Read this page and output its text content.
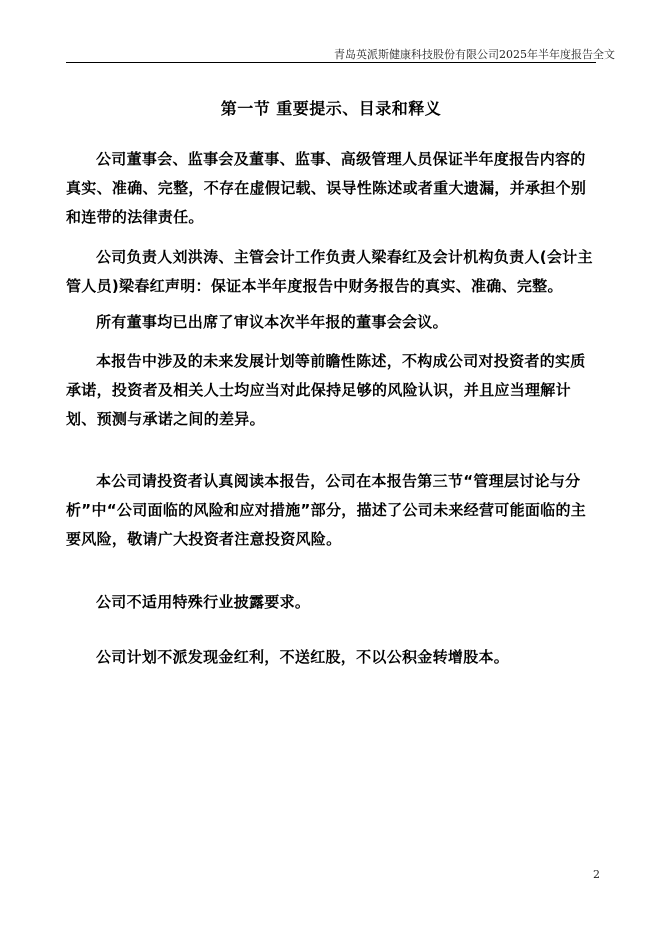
青岛英派斯健康科技股份有限公司2025年半年度报告全文
第一节 重要提示、目录和释义

公司董事会、监事会及董事、监事、高级管理人员保证半年度报告内容的真实、准确、完整，不存在虚假记载、误导性陈述或者重大遗漏，并承担个别和连带的法律责任。

公司负责人刘洪涛、主管会计工作负责人梁春红及会计机构负责人(会计主管人员)梁春红声明：保证本半年度报告中财务报告的真实、准确、完整。

所有董事均已出席了审议本次半年报的董事会会议。

本报告中涉及的未来发展计划等前瞻性陈述，不构成公司对投资者的实质承诺，投资者及相关人士均应当对此保持足够的风险认识，并且应当理解计划、预测与承诺之间的差异。

本公司请投资者认真阅读本报告，公司在本报告第三节“管理层讨论与分析”中“公司面临的风险和应对措施”部分，描述了公司未来经营可能面临的主要风险，敬请广大投资者注意投资风险。

公司不适用特殊行业披露要求。

公司计划不派发现金红利，不送红股，不以公积金转增股本。

2
